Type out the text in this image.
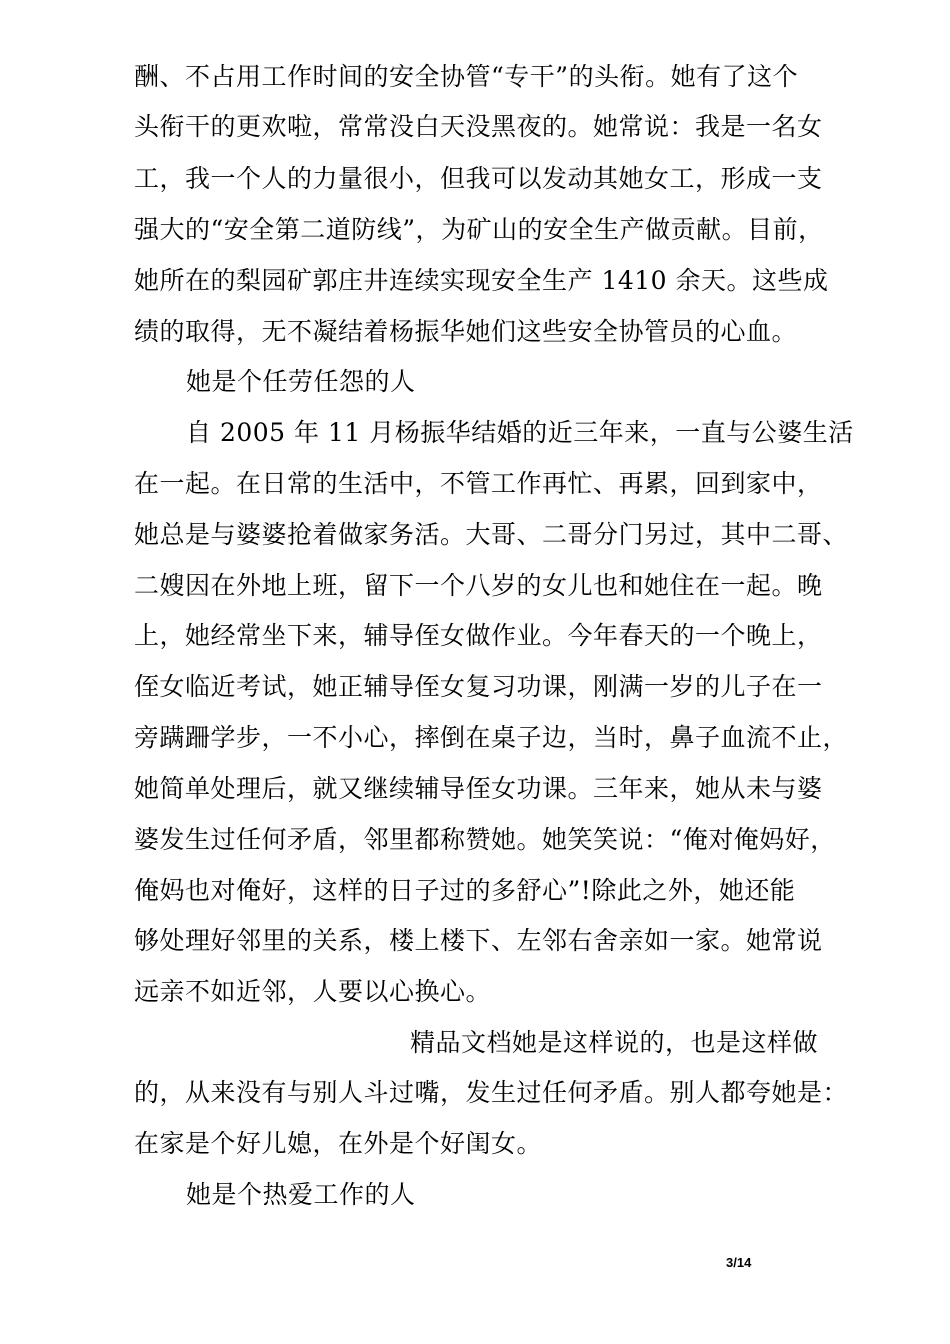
酬、不占用工作时间的安全协管“专干”的头衔。她有了这个
头衔干的更欢啦，常常没白天没黑夜的。她常说：我是一名女
工，我一个人的力量很小，但我可以发动其她女工，形成一支
强大的“安全第二道防线”，为矿山的安全生产做贡献。目前，
她所在的梨园矿郭庄井连续实现安全生产 1410 余天。这些成
绩的取得，无不凝结着杨振华她们这些安全协管员的心血。
她是个任劳任怨的人
自 2005 年 11 月杨振华结婚的近三年来，一直与公婆生活
在一起。在日常的生活中，不管工作再忙、再累，回到家中，
她总是与婆婆抢着做家务活。大哥、二哥分门另过，其中二哥、
二嫂因在外地上班，留下一个八岁的女儿也和她住在一起。晚
上，她经常坐下来，辅导侄女做作业。今年春天的一个晚上，
侄女临近考试，她正辅导侄女复习功课，刚满一岁的儿子在一
旁蹒跚学步，一不小心，摔倒在桌子边，当时，鼻子血流不止，
她简单处理后，就又继续辅导侄女功课。三年来，她从未与婆
婆发生过任何矛盾，邻里都称赞她。她笑笑说：“俺对俺妈好，
俺妈也对俺好，这样的日子过的多舒心”!除此之外，她还能
够处理好邻里的关系，楼上楼下、左邻右舍亲如一家。她常说
远亲不如近邻，人要以心换心。
精品文档她是这样说的，也是这样做
的，从来没有与别人斗过嘴，发生过任何矛盾。别人都夸她是：
在家是个好儿媳，在外是个好闺女。
她是个热爱工作的人
3/14
